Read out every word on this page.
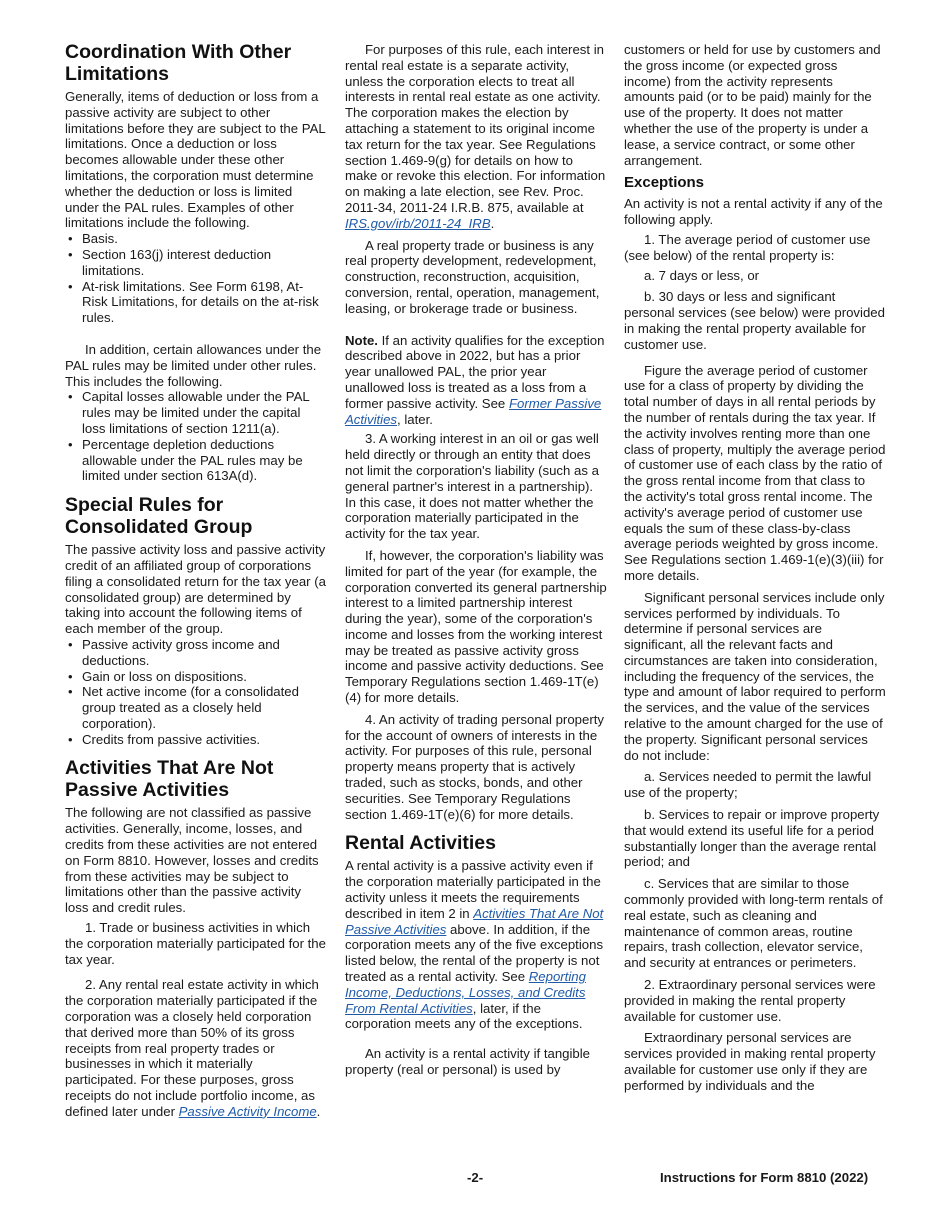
Coordination With Other Limitations

Generally, items of deduction or loss from a passive activity are subject to other limitations before they are subject to the PAL limitations. Once a deduction or loss becomes allowable under these other limitations, the corporation must determine whether the deduction or loss is limited under the PAL rules. Examples of other limitations include the following.

• Basis.
• Section 163(j) interest deduction limitations.
• At-risk limitations. See Form 6198, At-Risk Limitations, for details on the at-risk rules.

In addition, certain allowances under the PAL rules may be limited under other rules. This includes the following.

• Capital losses allowable under the PAL rules may be limited under the capital loss limitations of section 1211(a).
• Percentage depletion deductions allowable under the PAL rules may be limited under section 613A(d).
Special Rules for Consolidated Group

The passive activity loss and passive activity credit of an affiliated group of corporations filing a consolidated return for the tax year (a consolidated group) are determined by taking into account the following items of each member of the group.

• Passive activity gross income and deductions.
• Gain or loss on dispositions.
• Net active income (for a consolidated group treated as a closely held corporation).
• Credits from passive activities.
Activities That Are Not Passive Activities

The following are not classified as passive activities. Generally, income, losses, and credits from these activities are not entered on Form 8810. However, losses and credits from these activities may be subject to limitations other than the passive activity loss and credit rules.

1. Trade or business activities in which the corporation materially participated for the tax year.

2. Any rental real estate activity in which the corporation materially participated if the corporation was a closely held corporation that derived more than 50% of its gross receipts from real property trades or businesses in which it materially participated. For these purposes, gross receipts do not include portfolio income, as defined later under Passive Activity Income.

For purposes of this rule, each interest in rental real estate is a separate activity, unless the corporation elects to treat all interests in rental real estate as one activity. The corporation makes the election by attaching a statement to its original income tax return for the tax year. See Regulations section 1.469-9(g) for details on how to make or revoke this election. For information on making a late election, see Rev. Proc. 2011-34, 2011-24 I.R.B. 875, available at IRS.gov/irb/2011-24_IRB.

A real property trade or business is any real property development, redevelopment, construction, reconstruction, acquisition, conversion, rental, operation, management, leasing, or brokerage trade or business.

Note. If an activity qualifies for the exception described above in 2022, but has a prior year unallowed PAL, the prior year unallowed loss is treated as a loss from a former passive activity. See Former Passive Activities, later.

3. A working interest in an oil or gas well held directly or through an entity that does not limit the corporation's liability (such as a general partner's interest in a partnership). In this case, it does not matter whether the corporation materially participated in the activity for the tax year.

If, however, the corporation's liability was limited for part of the year (for example, the corporation converted its general partnership interest to a limited partnership interest during the year), some of the corporation's income and losses from the working interest may be treated as passive activity gross income and passive activity deductions. See Temporary Regulations section 1.469-1T(e)(4) for more details.

4. An activity of trading personal property for the account of owners of interests in the activity. For purposes of this rule, personal property means property that is actively traded, such as stocks, bonds, and other securities. See Temporary Regulations section 1.469-1T(e)(6) for more details.

Rental Activities

A rental activity is a passive activity even if the corporation materially participated in the activity unless it meets the requirements described in item 2 in Activities That Are Not Passive Activities above. In addition, if the corporation meets any of the five exceptions listed below, the rental of the property is not treated as a rental activity. See Reporting Income, Deductions, Losses, and Credits From Rental Activities, later, if the corporation meets any of the exceptions.

An activity is a rental activity if tangible property (real or personal) is used by

customers or held for use by customers and the gross income (or expected gross income) from the activity represents amounts paid (or to be paid) mainly for the use of the property. It does not matter whether the use of the property is under a lease, a service contract, or some other arrangement.

Exceptions

An activity is not a rental activity if any of the following apply.

1. The average period of customer use (see below) of the rental property is:

a. 7 days or less, or

b. 30 days or less and significant personal services (see below) were provided in making the rental property available for customer use.

Figure the average period of customer use for a class of property by dividing the total number of days in all rental periods by the number of rentals during the tax year. If the activity involves renting more than one class of property, multiply the average period of customer use of each class by the ratio of the gross rental income from that class to the activity's total gross rental income. The activity's average period of customer use equals the sum of these class-by-class average periods weighted by gross income. See Regulations section 1.469-1(e)(3)(iii) for more details.

Significant personal services include only services performed by individuals. To determine if personal services are significant, all the relevant facts and circumstances are taken into consideration, including the frequency of the services, the type and amount of labor required to perform the services, and the value of the services relative to the amount charged for the use of the property. Significant personal services do not include:

a. Services needed to permit the lawful use of the property;

b. Services to repair or improve property that would extend its useful life for a period substantially longer than the average rental period; and

c. Services that are similar to those commonly provided with long-term rentals of real estate, such as cleaning and maintenance of common areas, routine repairs, trash collection, elevator service, and security at entrances or perimeters.

2. Extraordinary personal services were provided in making the rental property available for customer use.

Extraordinary personal services are services provided in making rental property available for customer use only if they are performed by individuals and the

-2-	Instructions for Form 8810 (2022)
